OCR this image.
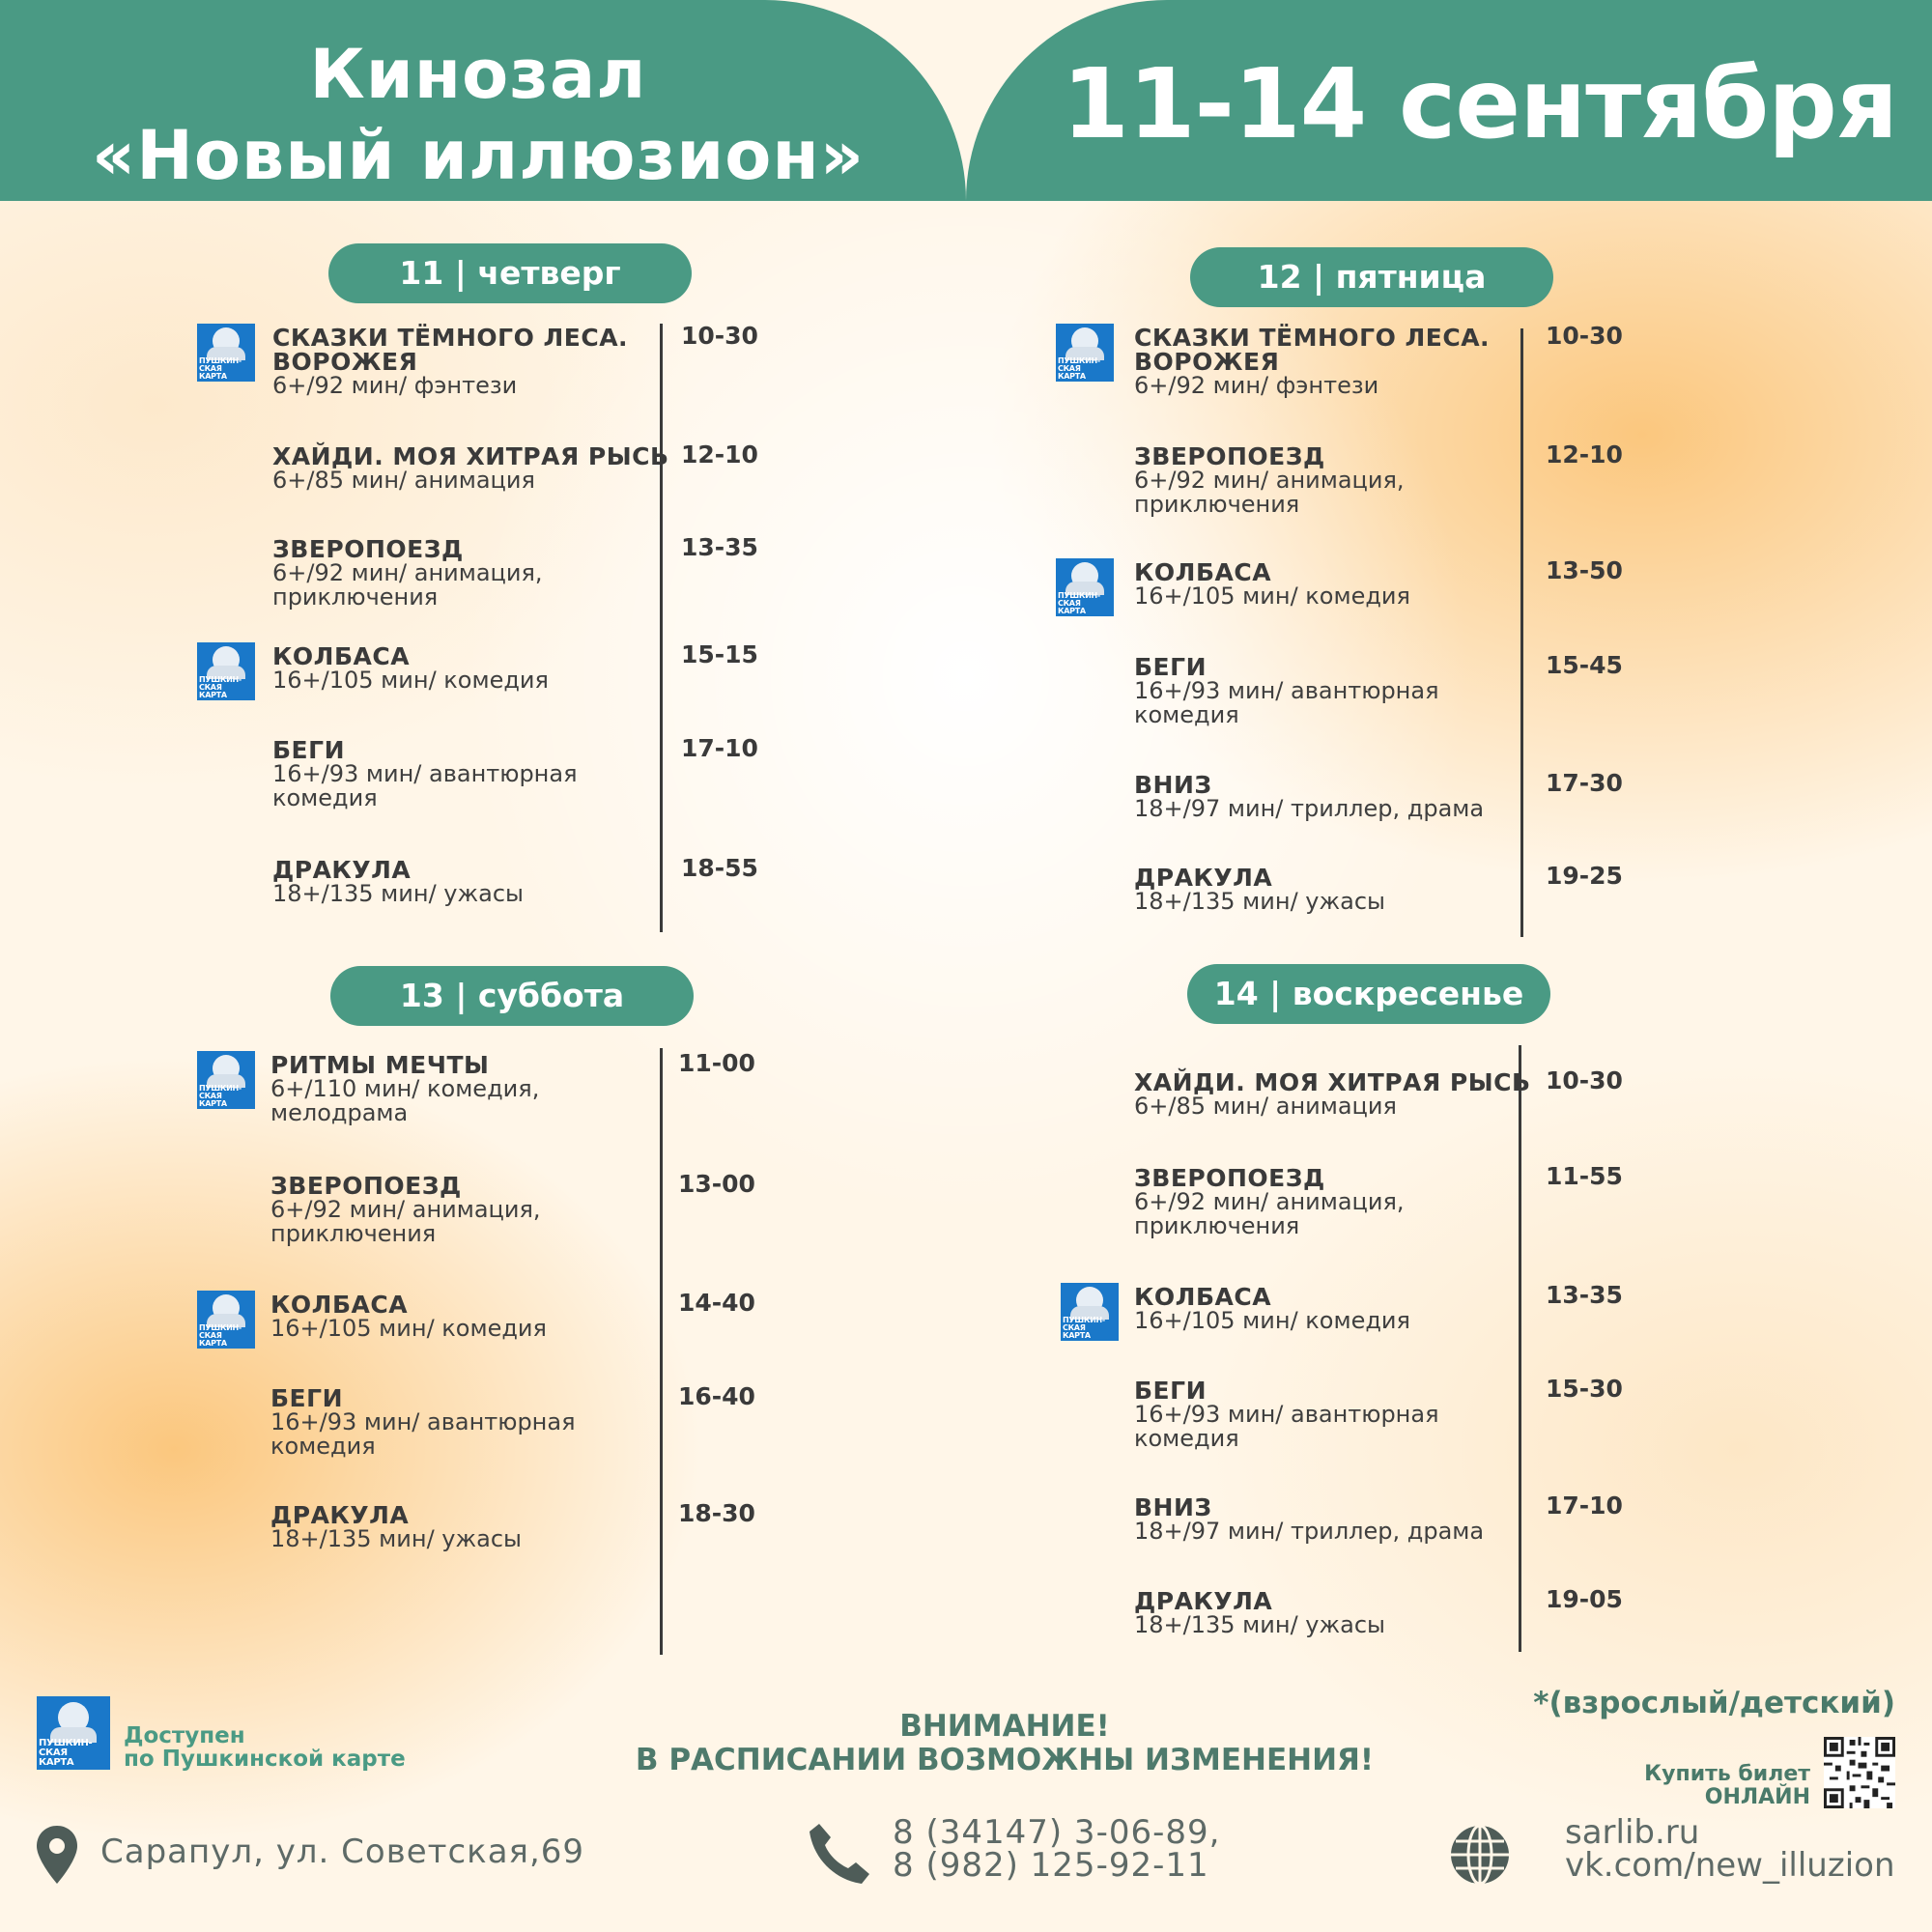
Кинозал
«Новый иллюзион»	11-14 сентября
11 | четверг
СКАЗКИ ТЁМНОГО ЛЕСА.
ВОРОЖЕЯ
6+/92 мин/ фэнтези
10-30
ПУШКИН-
СКАЯ
КАРТА
ХАЙДИ. МОЯ ХИТРАЯ РЫСЬ
6+/85 мин/ анимация
12-10
ЗВЕРОПОЕЗД
6+/92 мин/ анимация,
приключения
13-35
КОЛБАСА
16+/105 мин/ комедия
15-15
ПУШКИН-
СКАЯ
КАРТА
БЕГИ
16+/93 мин/ авантюрная
комедия
17-10
ДРАКУЛА
18+/135 мин/ ужасы
18-55
12 | пятница
СКАЗКИ ТЁМНОГО ЛЕСА.
ВОРОЖЕЯ
6+/92 мин/ фэнтези
10-30
ПУШКИН-
СКАЯ
КАРТА
ЗВЕРОПОЕЗД
6+/92 мин/ анимация,
приключения
12-10
КОЛБАСА
16+/105 мин/ комедия
13-50
ПУШКИН-
СКАЯ
КАРТА
БЕГИ
16+/93 мин/ авантюрная
комедия
15-45
ВНИЗ
18+/97 мин/ триллер, драма
17-30
ДРАКУЛА
18+/135 мин/ ужасы
19-25
13 | суббота
РИТМЫ МЕЧТЫ
6+/110 мин/ комедия,
мелодрама
11-00
ПУШКИН-
СКАЯ
КАРТА
ЗВЕРОПОЕЗД
6+/92 мин/ анимация,
приключения
13-00
КОЛБАСА
16+/105 мин/ комедия
14-40
ПУШКИН-
СКАЯ
КАРТА
БЕГИ
16+/93 мин/ авантюрная
комедия
16-40
ДРАКУЛА
18+/135 мин/ ужасы
18-30
14 | воскресенье
ХАЙДИ. МОЯ ХИТРАЯ РЫСЬ
6+/85 мин/ анимация
10-30
ЗВЕРОПОЕЗД
6+/92 мин/ анимация,
приключения
11-55
КОЛБАСА
16+/105 мин/ комедия
13-35
ПУШКИН-
СКАЯ
КАРТА
БЕГИ
16+/93 мин/ авантюрная
комедия
15-30
ВНИЗ
18+/97 мин/ триллер, драма
17-10
ДРАКУЛА
18+/135 мин/ ужасы
19-05
ПУШКИН-
СКАЯ
КАРТА
Доступен
по Пушкинской карте
ВНИМАНИЕ!
В РАСПИСАНИИ ВОЗМОЖНЫ ИЗМЕНЕНИЯ!
*(взрослый/детский)
Купить билет
ОНЛАЙН
Сарапул, ул. Советская,69	8 (34147) 3-06-89,
8 (982) 125-92-11
sarlib.ru
vk.com/new_illuzion
